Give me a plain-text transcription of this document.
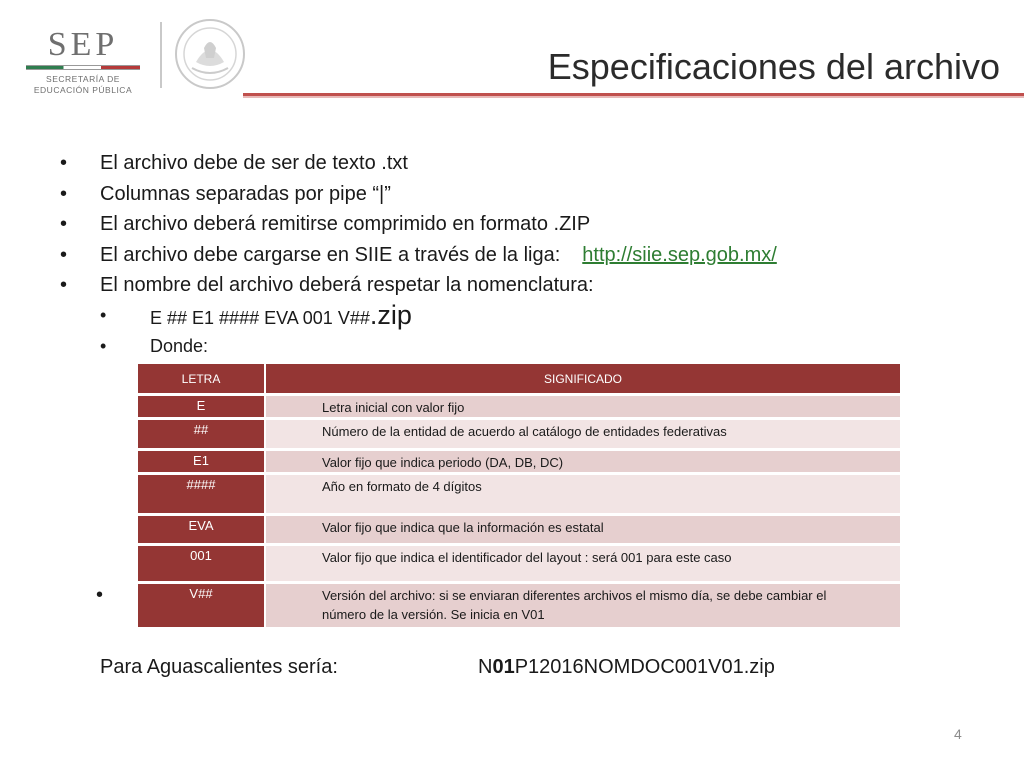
SEP
SECRETARÍA DE
EDUCACIÓN PÚBLICA
Especificaciones del archivo
• El archivo debe de ser de texto .txt
• Columnas separadas por pipe “|”
• El archivo deberá remitirse comprimido en formato .ZIP
• El archivo debe cargarse en SIIE a través de la liga: http://siie.sep.gob.mx/
• El nombre del archivo deberá respetar la nomenclatura:
• E ## E1 #### EVA 001 V##.zip
• Donde:
•
LETRA	SIGNIFICADO
E	Letra inicial con valor fijo
##	Número de la entidad de acuerdo al catálogo de entidades federativas
E1	Valor fijo que indica periodo (DA, DB, DC)
####	Año en formato de 4 dígitos
EVA	Valor fijo que indica que la información es estatal
001	Valor fijo que indica el identificador del layout : será 001 para este caso
V##	Versión del archivo: si se enviaran diferentes archivos el mismo día, se debe cambiar el número de la versión. Se inicia en V01
Para Aguascalientes sería:	N01P12016NOMDOC001V01.zip
4
